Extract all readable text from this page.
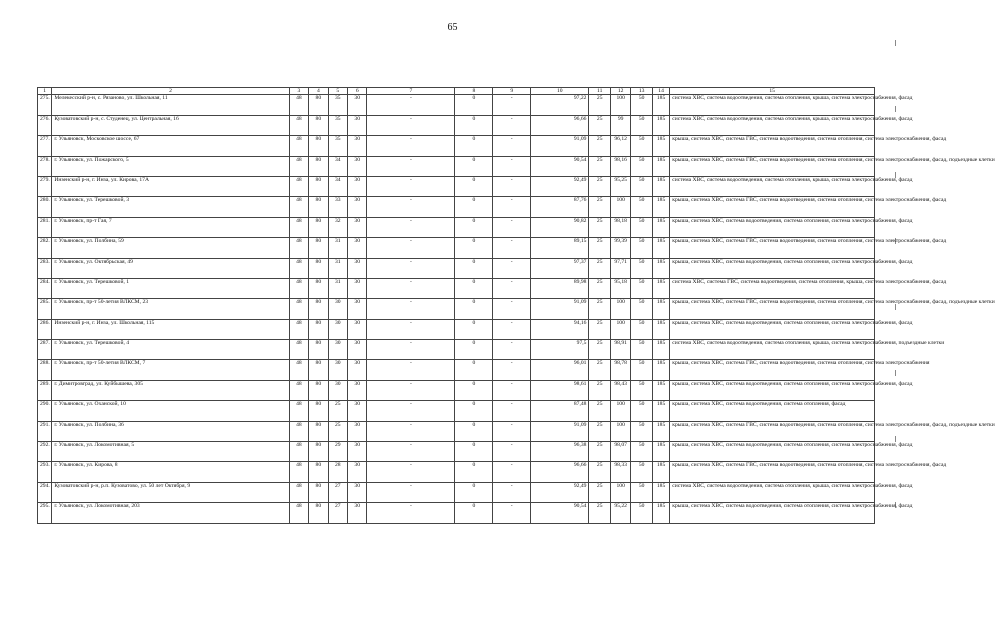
65
1	2	3	4	5	6	7	8	9	10	11	12	13	14	15
275.	Мелекесский р-н, с. Рязаново, ул. Школьная, 11	48	80	35	30	-	0	-	97,22	25	100	50	185	система ХВС, система водоотведения, система отопления, крыша, система электроснабжения, фасад
276.	Кузоватовский р-н, с. Студенец, ул. Центральная, 16	48	80	35	30	-	0	-	96,66	25	99	50	185	система ХВС, система водоотведения, система отопления, крыша, система электроснабжения, фасад
277.	г. Ульяновск, Московское шоссе, 67	48	80	35	30	-	0	-	91,09	25	96,12	50	185	крыша, система ХВС, система ГВС, система водоотведения, система отопления, система электроснабжения, фасад
278.	г. Ульяновск, ул. Пожарского, 5	48	80	34	30	-	0	-	90,54	25	98,16	50	185	крыша, система ХВС, система ГВС, система водоотведения, система отопления, система электроснабжения, фасад, подъездные клетки
279.	Инзенский р-н, г. Инза, ул. Кирова, 17А	48	80	34	30	-	0	-	92,49	25	95,25	50	185	система ХВС, система водоотведения, система отопления, крыша, система электроснабжения, фасад
280.	г. Ульяновск, ул. Терешковой, 3	48	80	33	30	-	0	-	87,76	25	100	50	185	крыша, система ХВС, система ГВС, система водоотведения, система отопления, система электроснабжения, фасад
281.	г. Ульяновск, пр-т Гая, 7	48	80	32	30	-	0	-	90,82	25	98,18	50	185	крыша, система ХВС, система водоотведения, система отопления, система электроснабжения, фасад
282.	г. Ульяновск, ул. Полбина, 59	48	80	31	30	-	0	-	89,15	25	99,39	50	185	крыша, система ХВС, система ГВС, система водоотведения, система отопления, система электроснабжения, фасад
283.	г. Ульяновск, ул. Октябрьская, 49	48	80	31	30	-	0	-	97,37	25	97,71	50	185	крыша, система ХВС, система водоотведения, система отопления, система электроснабжения, фасад
284.	г. Ульяновск, ул. Терешковой, 1	48	80	31	30	-	0	-	89,98	25	95,18	50	185	система ХВС, система ГВС, система водоотведения, система отопления, крыша, система электроснабжения, фасад
285.	г. Ульяновск, пр-т 50-летия ВЛКСМ, 23	48	80	30	30	-	0	-	91,09	25	100	50	185	крыша, система ХВС, система ГВС, система водоотведения, система отопления, система электроснабжения, фасад, подъездные клетки
286.	Инзенский р-н, г. Инза, ул. Школьная, 115	48	80	30	30	-	0	-	94,16	25	100	50	185	крыша, система ХВС, система водоотведения, система отопления, система электроснабжения, фасад
287.	г. Ульяновск, ул. Терешковой, 4	48	80	30	30	-	0	-	97,5	25	98,91	50	185	система ХВС, система водоотведения, система отопления, крыша, система электроснабжения, подъездные клетки
288.	г. Ульяновск, пр-т 50-летия ВЛКСМ, 7	48	80	30	30	-	0	-	96,01	25	98,78	50	185	крыша, система ХВС, система ГВС, система водоотведения, система отопления, система электроснабжения
289.	г. Димитровград, ул. Куйбышева, 305	48	80	30	30	-	0	-	98,61	25	98,43	50	185	крыша, система ХВС, система водоотведения, система отопления, система электроснабжения, фасад
290.	г. Ульяновск, ул. Оханской, 10	48	80	25	30	-	0	-	87,48	25	100	50	185	крыша, система ХВС, система водоотведения, система отопления, фасад
291.	г. Ульяновск, ул. Полбина, 36	48	80	25	30	-	0	-	91,09	25	100	50	185	крыша, система ХВС, система ГВС, система водоотведения, система отопления, система электроснабжения, фасад, подъездные клетки
292.	г. Ульяновск, ул. Локомотивная, 5	48	80	29	30	-	0	-	96,38	25	98,07	50	185	крыша, система ХВС, система водоотведения, система отопления, система электроснабжения, фасад
293.	г. Ульяновск, ул. Кирова, 8	48	80	28	30	-	0	-	96,66	25	98,33	50	185	крыша, система ХВС, система ГВС, система водоотведения, система отопления, система электроснабжения, фасад
294.	Кузоватовский р-н, р.п. Кузоватово, ул. 50 лет Октября, 9	48	80	27	30	-	0	-	92,49	25	100	50	185	система ХВС, система водоотведения, система отопления, крыша, система электроснабжения, фасад
295.	г. Ульяновск, ул. Локомотивная, 203	48	80	27	30	-	0	-	90,54	25	95,22	50	185	крыша, система ХВС, система водоотведения, система отопления, система электроснабжения, фасад
